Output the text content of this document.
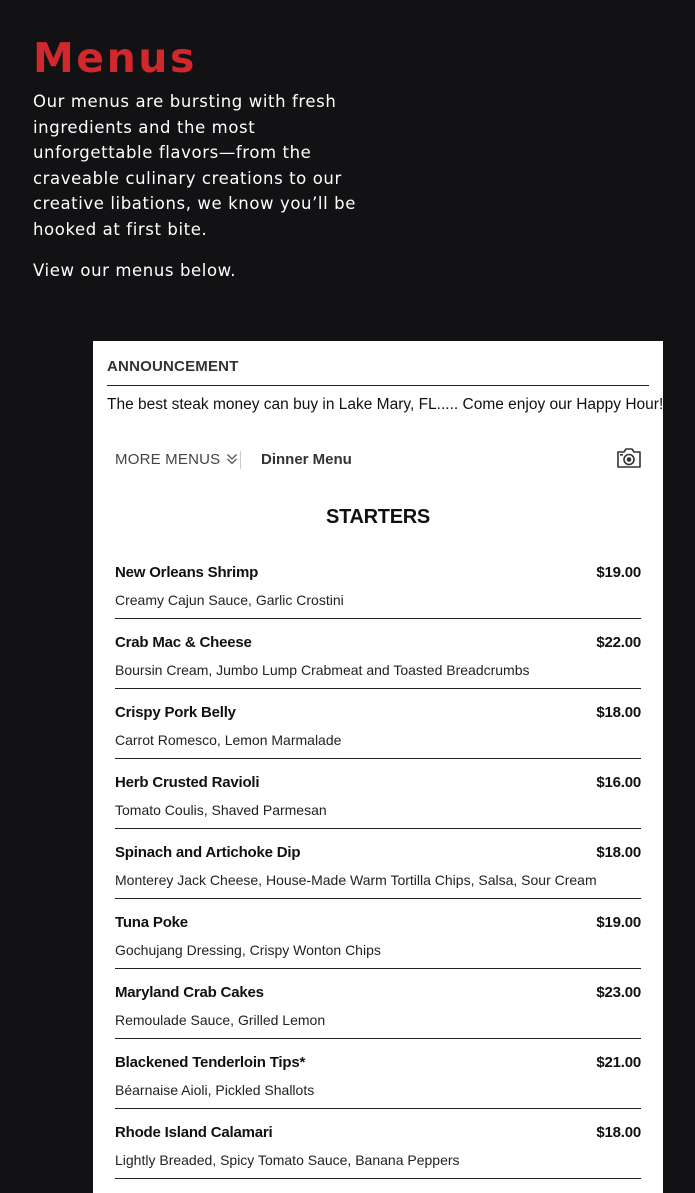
Menus

Our menus are bursting with fresh ingredients and the most unforgettable flavors—from the craveable culinary creations to our creative libations, we know you’ll be hooked at first bite.

View our menus below.

ANNOUNCEMENT
The best steak money can buy in Lake Mary, FL..... Come enjoy our Happy Hour!
MORE MENUS	Dinner Menu
STARTERS
New Orleans Shrimp	$19.00
Creamy Cajun Sauce, Garlic Crostini
Crab Mac & Cheese	$22.00
Boursin Cream, Jumbo Lump Crabmeat and Toasted Breadcrumbs
Crispy Pork Belly	$18.00
Carrot Romesco, Lemon Marmalade
Herb Crusted Ravioli	$16.00
Tomato Coulis, Shaved Parmesan
Spinach and Artichoke Dip	$18.00
Monterey Jack Cheese, House-Made Warm Tortilla Chips, Salsa, Sour Cream
Tuna Poke	$19.00
Gochujang Dressing, Crispy Wonton Chips
Maryland Crab Cakes	$23.00
Remoulade Sauce, Grilled Lemon
Blackened Tenderloin Tips*	$21.00
Béarnaise Aioli, Pickled Shallots
Rhode Island Calamari	$18.00
Lightly Breaded, Spicy Tomato Sauce, Banana Peppers
